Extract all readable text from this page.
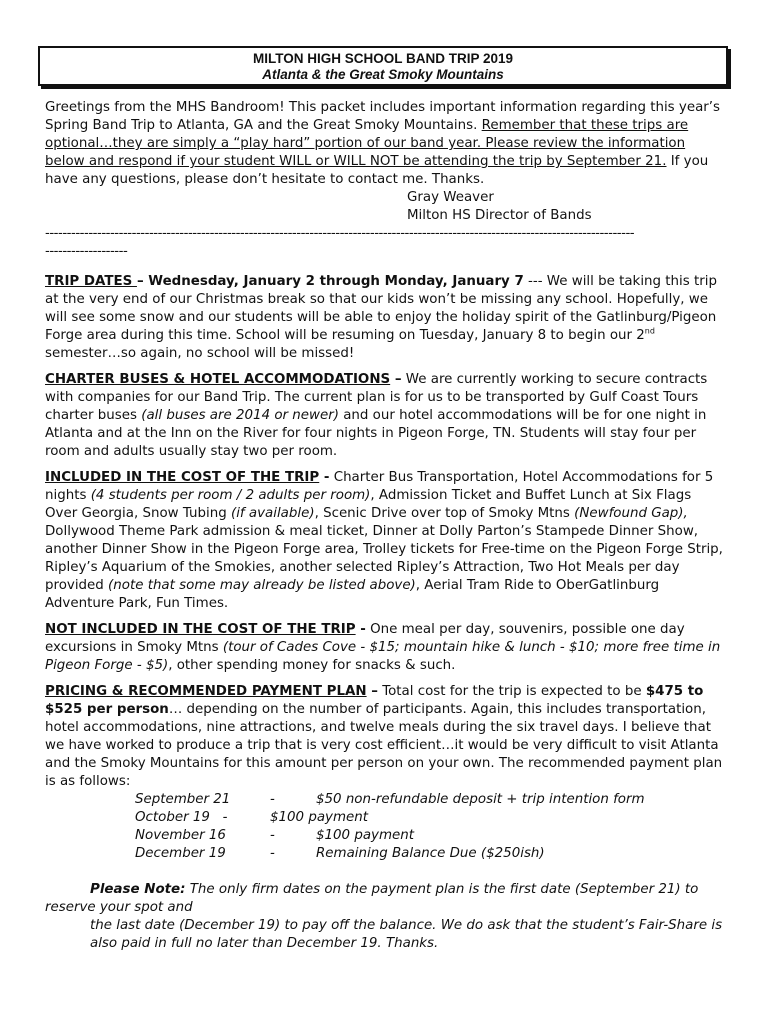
MILTON HIGH SCHOOL BAND TRIP 2019
Atlanta & the Great Smoky Mountains

Greetings from the MHS Bandroom! This packet includes important information regarding this year’s Spring Band Trip to Atlanta, GA and the Great Smoky Mountains. Remember that these trips are optional…they are simply a “play hard” portion of our band year. Please review the information below and respond if your student WILL or WILL NOT be attending the trip by September 21. If you have any questions, please don’t hesitate to contact me. Thanks.

Gray Weaver

Milton HS Director of Bands

----------------------------------------------------------------------------------------------------------------------------------------

-------------------

TRIP DATES – Wednesday, January 2 through Monday, January 7 --- We will be taking this trip at the very end of our Christmas break so that our kids won’t be missing any school. Hopefully, we will see some snow and our students will be able to enjoy the holiday spirit of the Gatlinburg/Pigeon Forge area during this time. School will be resuming on Tuesday, January 8 to begin our 2nd semester…so again, no school will be missed!

CHARTER BUSES & HOTEL ACCOMMODATIONS – We are currently working to secure contracts with companies for our Band Trip. The current plan is for us to be transported by Gulf Coast Tours charter buses (all buses are 2014 or newer) and our hotel accommodations will be for one night in Atlanta and at the Inn on the River for four nights in Pigeon Forge, TN. Students will stay four per room and adults usually stay two per room.

INCLUDED IN THE COST OF THE TRIP - Charter Bus Transportation, Hotel Accommodations for 5 nights (4 students per room / 2 adults per room), Admission Ticket and Buffet Lunch at Six Flags Over Georgia, Snow Tubing (if available), Scenic Drive over top of Smoky Mtns (Newfound Gap), Dollywood Theme Park admission & meal ticket, Dinner at Dolly Parton’s Stampede Dinner Show, another Dinner Show in the Pigeon Forge area, Trolley tickets for Free-time on the Pigeon Forge Strip, Ripley’s Aquarium of the Smokies, another selected Ripley’s Attraction, Two Hot Meals per day provided (note that some may already be listed above), Aerial Tram Ride to OberGatlinburg Adventure Park, Fun Times.

NOT INCLUDED IN THE COST OF THE TRIP - One meal per day, souvenirs, possible one day excursions in Smoky Mtns (tour of Cades Cove - $15; mountain hike & lunch - $10; more free time in Pigeon Forge - $5), other spending money for snacks & such.

PRICING & RECOMMENDED PAYMENT PLAN – Total cost for the trip is expected to be $475 to $525 per person… depending on the number of participants. Again, this includes transportation, hotel accommodations, nine attractions, and twelve meals during the six travel days. I believe that we have worked to produce a trip that is very cost efficient…it would be very difficult to visit Atlanta and the Smoky Mountains for this amount per person on your own. The recommended payment plan is as follows:

September 21	-	$50 non-refundable deposit + trip intention form
October 19   -	$100 payment
November 16	-	$100 payment
December 19	-	Remaining Balance Due ($250ish)

Please Note: The only firm dates on the payment plan is the first date (September 21) to reserve your spot and

the last date (December 19) to pay off the balance. We do ask that the student’s Fair-Share is also paid in full no later than December 19. Thanks.
